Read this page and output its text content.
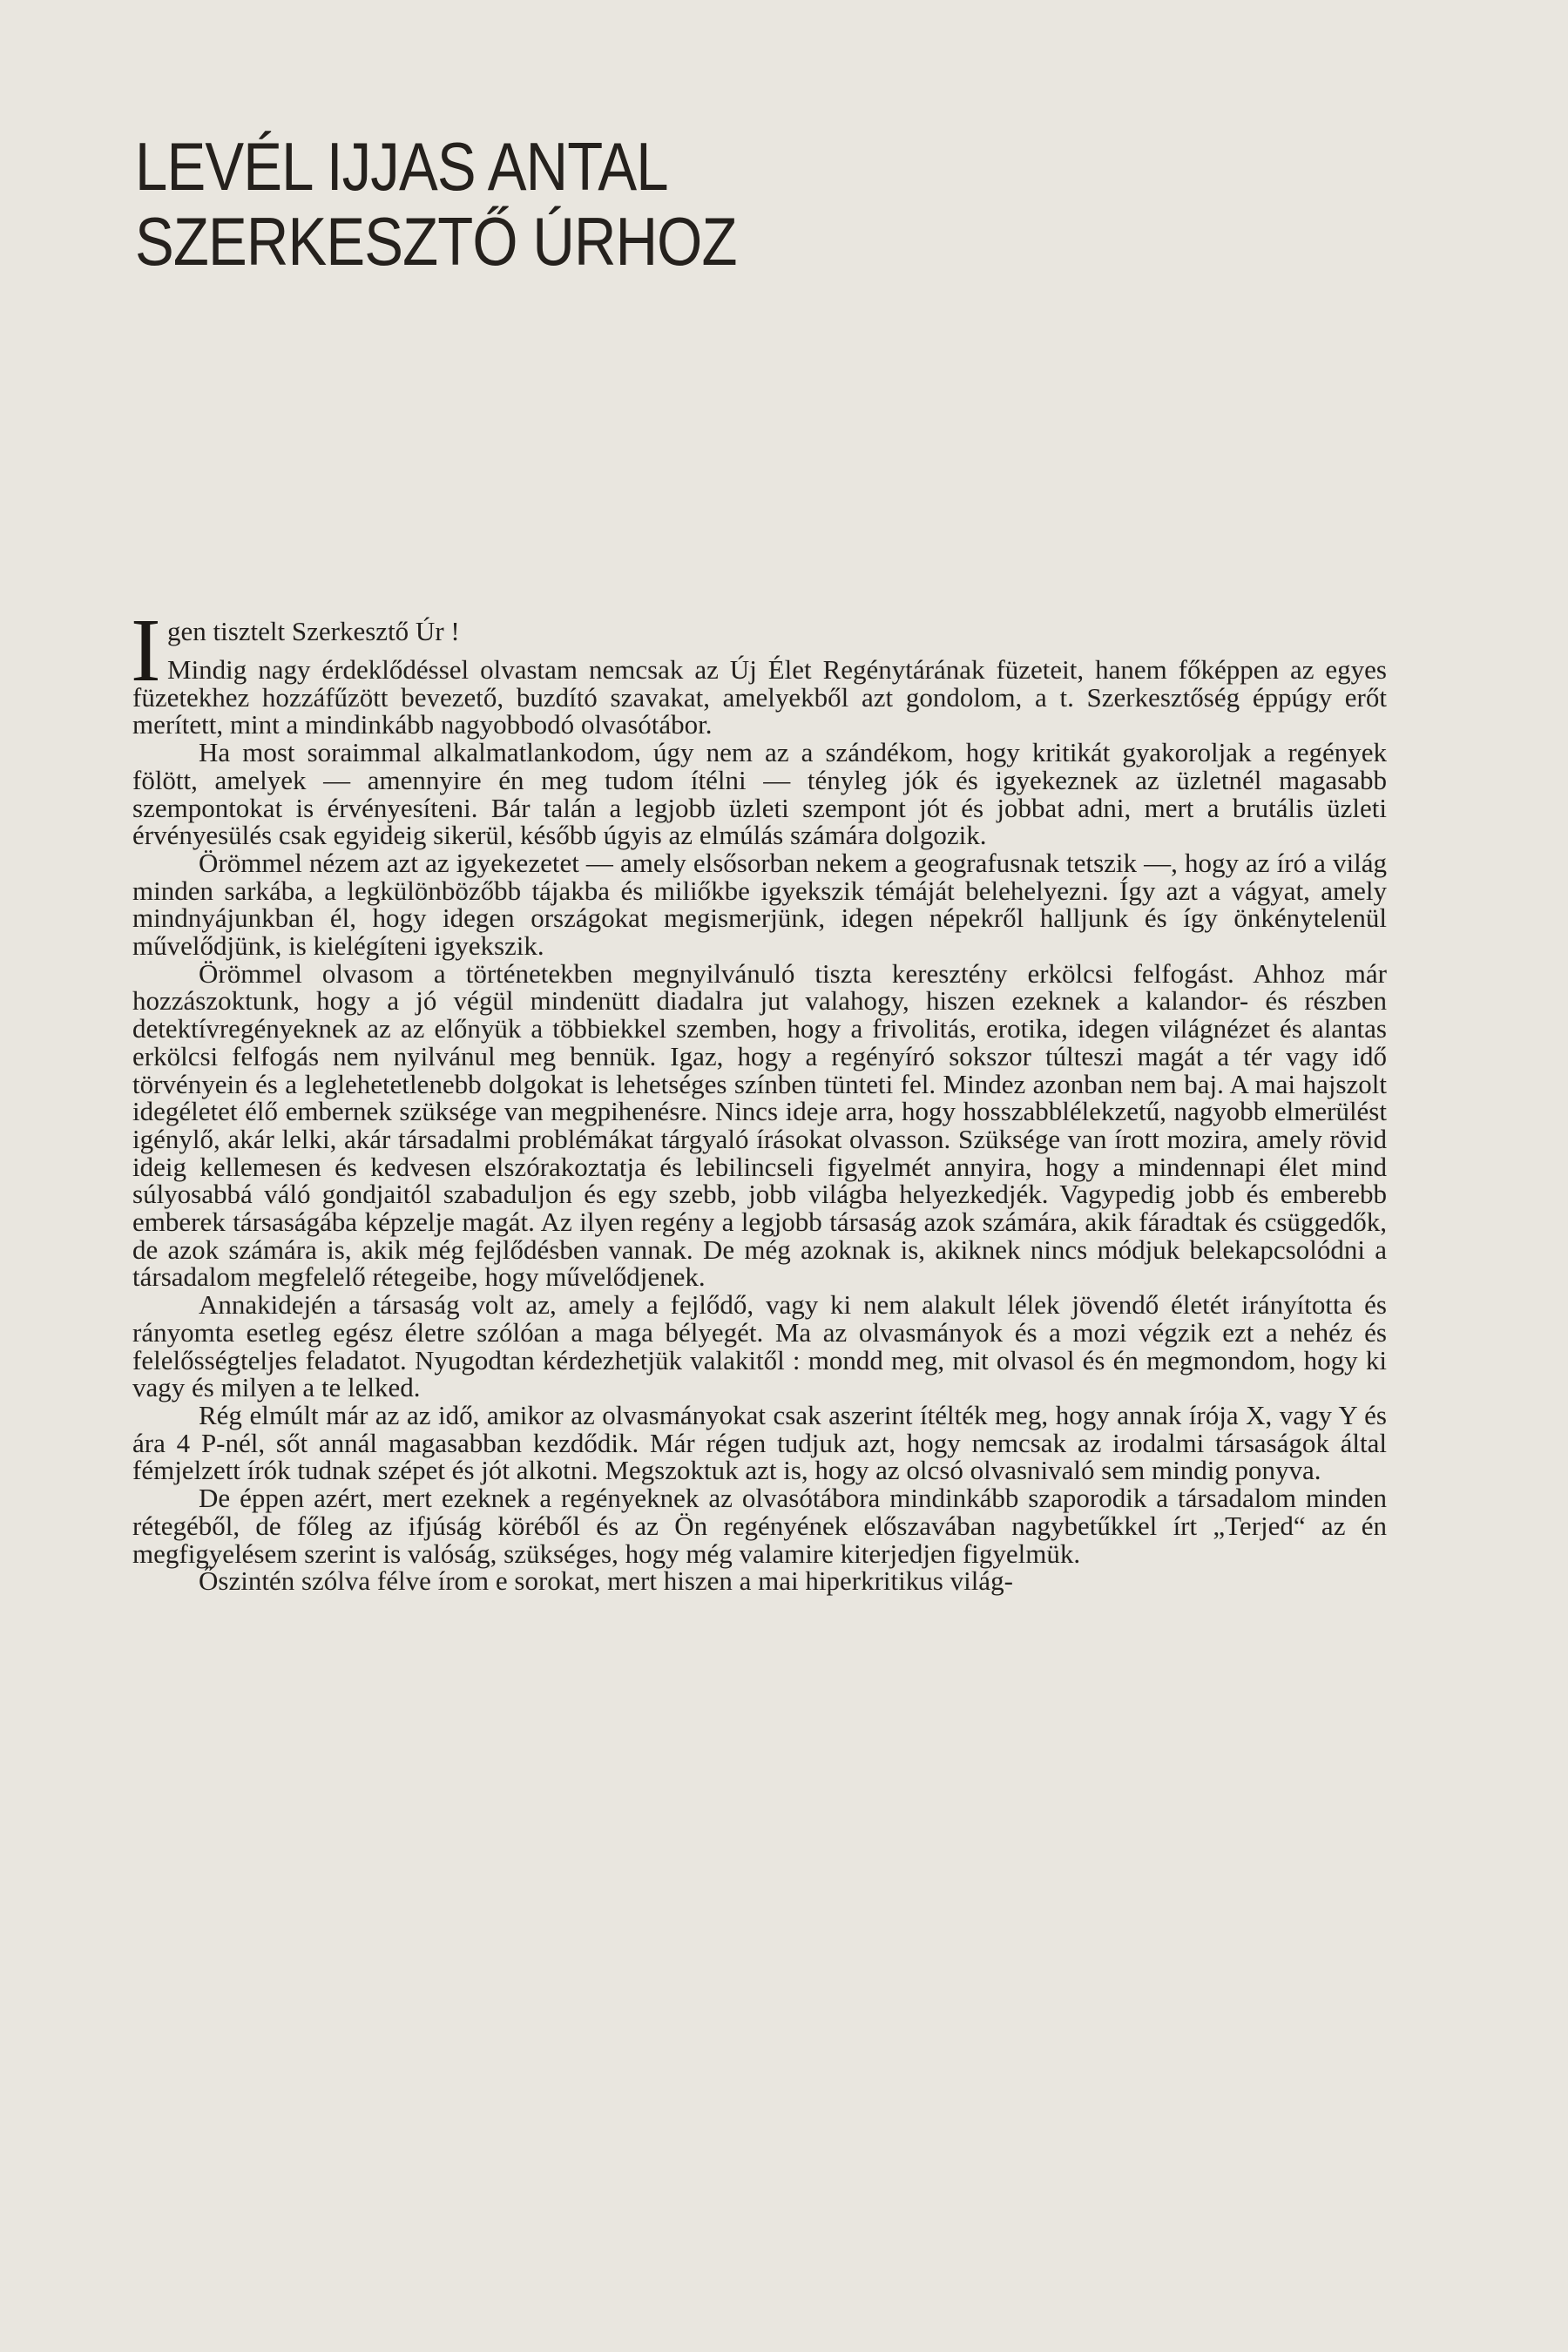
LEVÉL IJJAS ANTAL
SZERKESZTŐ ÚRHOZ
I gen tisztelt Szerkesztő Úr !

Mindig nagy érdeklődéssel olvastam nemcsak az Új Élet Regénytárának füzeteit, hanem főképpen az egyes füzetekhez hozzáfűzött bevezető, buzdító szavakat, amelyekből azt gondolom, a t. Szerkesztőség éppúgy erőt merített, mint a mindinkább nagyobbodó olvasótábor.

Ha most soraimmal alkalmatlankodom, úgy nem az a szándékom, hogy kritikát gyakoroljak a regények fölött, amelyek — amennyire én meg tudom ítélni — tényleg jók és igyekeznek az üzletnél magasabb szempontokat is érvényesíteni. Bár talán a legjobb üzleti szempont jót és jobbat adni, mert a brutális üzleti érvényesülés csak egyideig sikerül, később úgyis az elmúlás számára dolgozik.

Örömmel nézem azt az igyekezetet — amely elsősorban nekem a geografusnak tetszik —, hogy az író a világ minden sarkába, a legkülönbözőbb tájakba és miliőkbe igyekszik témáját belehelyezni. Így azt a vágyat, amely mindnyájunkban él, hogy idegen országokat megismerjünk, idegen népekről halljunk és így önkénytelenül művelődjünk, is kielégíteni igyekszik.

Örömmel olvasom a történetekben megnyilvánuló tiszta keresztény erkölcsi felfogást. Ahhoz már hozzászoktunk, hogy a jó végül mindenütt diadalra jut valahogy, hiszen ezeknek a kalandor- és részben detektívregényeknek az az előnyük a többiekkel szemben, hogy a frivolitás, erotika, idegen világnézet és alantas erkölcsi felfogás nem nyilvánul meg bennük. Igaz, hogy a regényíró sokszor túlteszi magát a tér vagy idő törvényein és a leglehetetlenebb dolgokat is lehetséges színben tünteti fel. Mindez azonban nem baj. A mai hajszolt idegéletet élő embernek szüksége van megpihenésre. Nincs ideje arra, hogy hosszabblélekzetű, nagyobb elmerülést igénylő, akár lelki, akár társadalmi problémákat tárgyaló írásokat olvasson. Szüksége van írott mozira, amely rövid ideig kellemesen és kedvesen elszórakoztatja és lebilincseli figyelmét annyira, hogy a mindennapi élet mind súlyosabbá váló gondjaitól szabaduljon és egy szebb, jobb világba helyezkedjék. Vagypedig jobb és emberebb emberek társaságába képzelje magát. Az ilyen regény a legjobb társaság azok számára, akik fáradtak és csüggedők, de azok számára is, akik még fejlődésben vannak. De még azoknak is, akiknek nincs módjuk belekapcsolódni a társadalom megfelelő rétegeibe, hogy művelődjenek.

Annakidején a társaság volt az, amely a fejlődő, vagy ki nem alakult lélek jövendő életét irányította és rányomta esetleg egész életre szólóan a maga bélyegét. Ma az olvasmányok és a mozi végzik ezt a nehéz és felelősségteljes feladatot. Nyugodtan kérdezhetjük valakitől : mondd meg, mit olvasol és én megmondom, hogy ki vagy és milyen a te lelked.

Rég elmúlt már az az idő, amikor az olvasmányokat csak aszerint ítélték meg, hogy annak írója X, vagy Y és ára 4 P-nél, sőt annál magasabban kezdődik. Már régen tudjuk azt, hogy nemcsak az irodalmi társaságok által fémjelzett írók tudnak szépet és jót alkotni. Megszoktuk azt is, hogy az olcsó olvasnivaló sem mindig ponyva.

De éppen azért, mert ezeknek a regényeknek az olvasótábora mindinkább szaporodik a társadalom minden rétegéből, de főleg az ifjúság köréből és az Ön regényének előszavában nagybetűkkel írt „Terjed“ az én megfigyelésem szerint is valóság, szükséges, hogy még valamire kiterjedjen figyelmük.

Őszintén szólva félve írom e sorokat, mert hiszen a mai hiperkritikus világ-
